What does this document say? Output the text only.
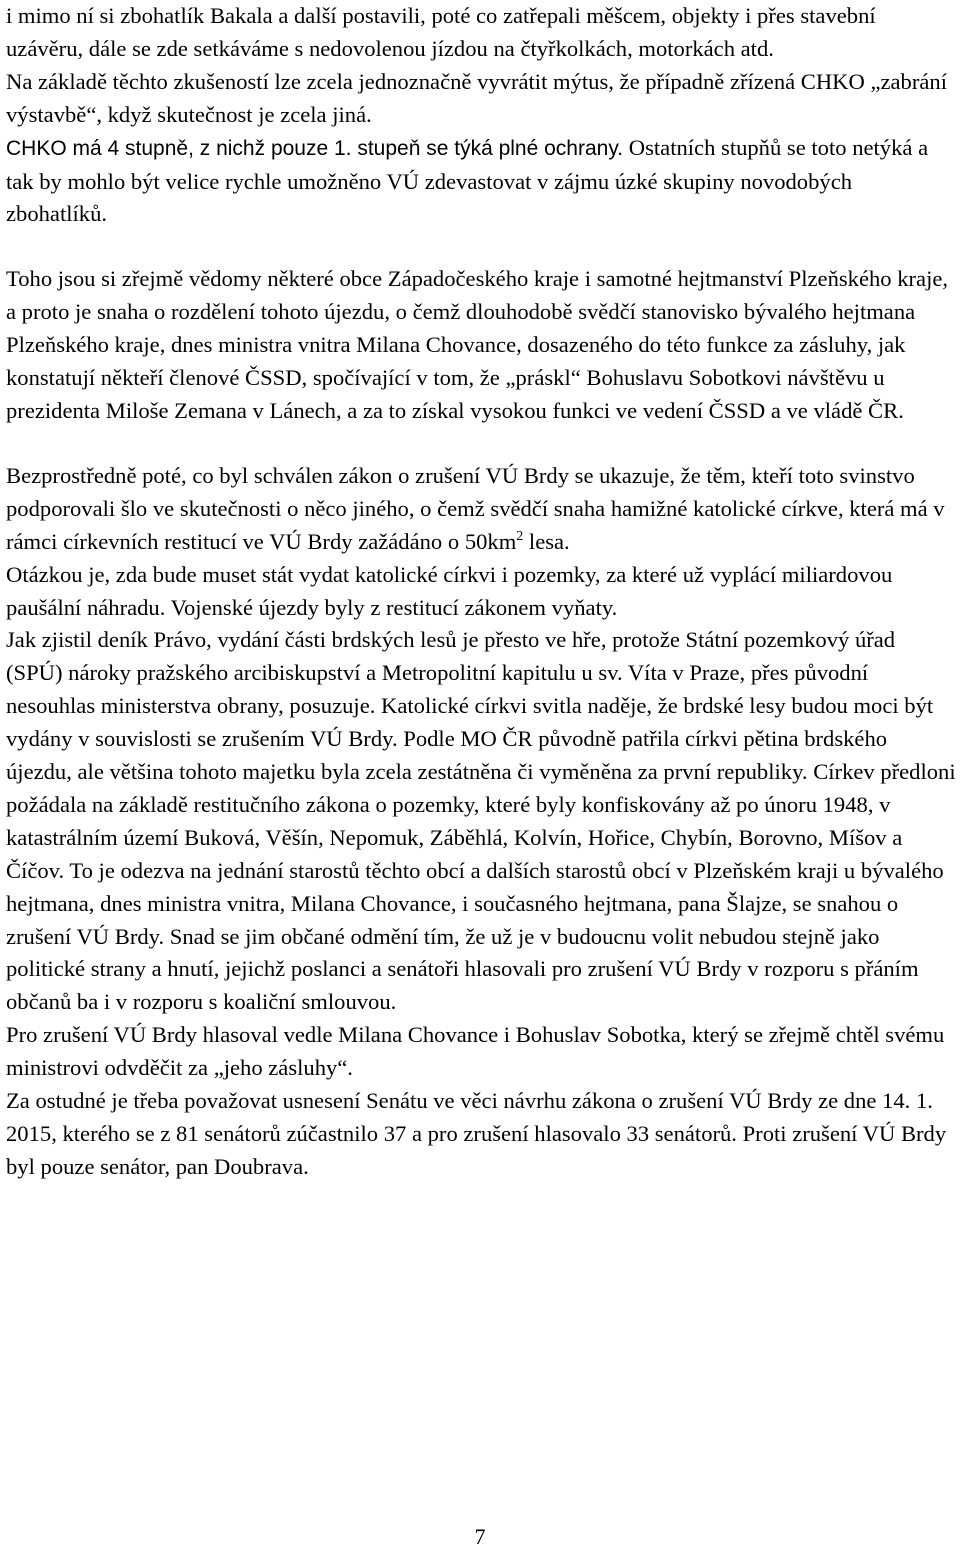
i mimo ní si zbohatlík Bakala a další postavili, poté co zatřepali měšcem, objekty i přes stavební uzávěru, dále se zde setkáváme s nedovolenou jízdou na čtyřkolkách, motorkách atd.
Na základě těchto zkušeností lze zcela jednoznačně vyvrátit mýtus, že případně zřízená CHKO „zabrání výstavbě“, když skutečnost je zcela jiná.
CHKO má 4 stupně, z nichž pouze 1. stupeň se týká plné ochrany. Ostatních stupňů se toto netýká a tak by mohlo být velice rychle umožněno VÚ zdevastovat v zájmu úzké skupiny novodobých zbohatlíků.

Toho jsou si zřejmě vědomy některé obce Západočeského kraje i samotné hejtmanství Plzeňského kraje, a proto je snaha o rozdělení tohoto újezdu, o čemž dlouhodobě svědčí stanovisko bývalého hejtmana Plzeňského kraje, dnes ministra vnitra Milana Chovance, dosazeného do této funkce za zásluhy, jak konstatují někteří členové ČSSD, spočívající v tom, že „práskl“ Bohuslavu Sobotkovi návštěvu u prezidenta Miloše Zemana v Lánech, a za to získal vysokou funkci ve vedení ČSSD a ve vládě ČR.

Bezprostředně poté, co byl schválen zákon o zrušení VÚ Brdy se ukazuje, že těm, kteří toto svinstvo podporovali šlo ve skutečnosti o něco jiného, o čemž svědčí snaha hamižné katolické církve, která má v rámci církevních restitucí ve VÚ Brdy zažádáno o $50km^2$ lesa.

Otázkou je, zda bude muset stát vydat katolické církvi i pozemky, za které už vyplácí miliardovou paušální náhradu. Vojenské újezdy byly z restitucí zákonem vyňaty.

Jak zjistil deník Právo, vydání části brdských lesů je přesto ve hře, protože Státní pozemkový úřad (SPÚ) nároky pražského arcibiskupství a Metropolitní kapitulu u sv. Víta v Praze, přes původní nesouhlas ministerstva obrany, posuzuje. Katolické církvi svitla naděje, že brdské lesy budou moci být vydány v souvislosti se zrušením VÚ Brdy. Podle MO ČR původně patřila církvi pětina brdského újezdu, ale většina tohoto majetku byla zcela zestátněna či vyměněna za první republiky. Církev předloni požádala na základě restitučního zákona o pozemky, které byly konfiskovány až po únoru 1948, v katastrálním území Buková, Věšín, Nepomuk, Záběhlá, Kolvín, Hořice, Chybín, Borovno, Míšov a Číčov. To je odezva na jednání starostů těchto obcí a dalších starostů obcí v Plzeňském kraji u bývalého hejtmana, dnes ministra vnitra, Milana Chovance, i současného hejtmana, pana Šlajze, se snahou o zrušení VÚ Brdy. Snad se jim občané odmění tím, že už je v budoucnu volit nebudou stejně jako politické strany a hnutí, jejichž poslanci a senátoři hlasovali pro zrušení VÚ Brdy v rozporu s přáním občanů ba i v rozporu s koaliční smlouvou.

Pro zrušení VÚ Brdy hlasoval vedle Milana Chovance i Bohuslav Sobotka, který se zřejmě chtěl svému ministrovi odvděčit za „jeho zásluhy“.

Za ostudné je třeba považovat usnesení Senátu ve věci návrhu zákona o zrušení VÚ Brdy ze dne 14. 1. 2015, kterého se z 81 senátorů zúčastnilo 37 a pro zrušení hlasovalo 33 senátorů. Proti zrušení VÚ Brdy byl pouze senátor, pan Doubrava.

7
